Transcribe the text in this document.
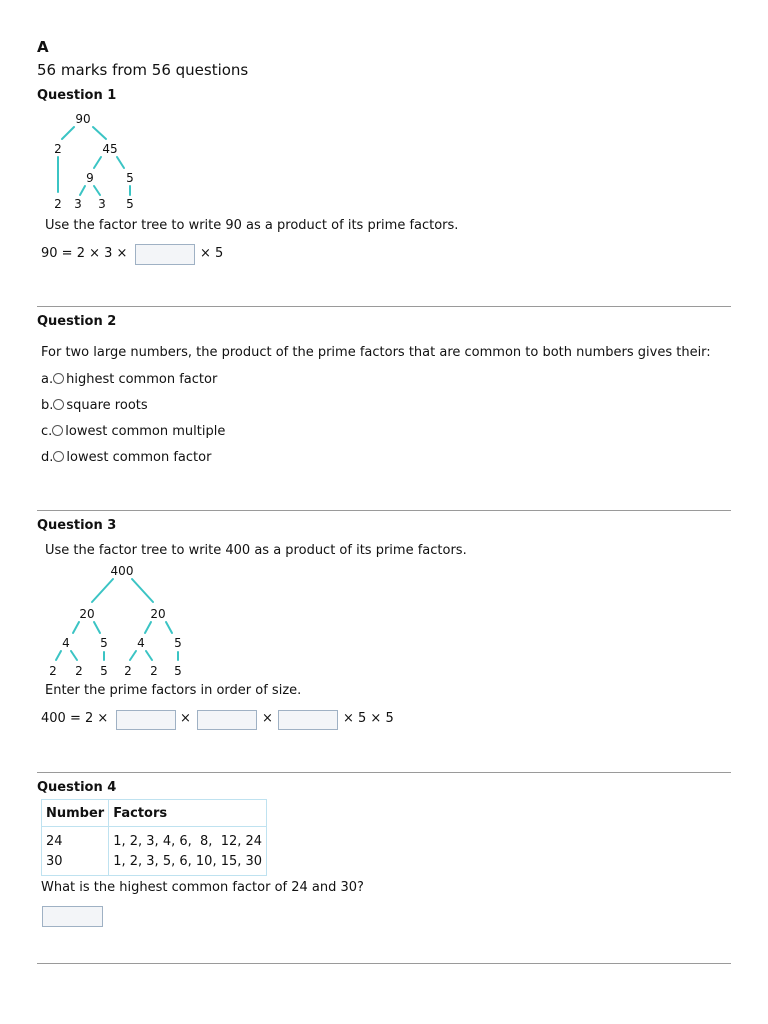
A
56 marks from 56 questions
Question 1
90
2	45
9	5
2 3 3 5
Use the factor tree to write 90 as a product of its prime factors.
90 = 2 × 3 ×	× 5
Question 2
For two large numbers, the product of the prime factors that are common to both numbers gives their:
a. highest common factor
b. square roots
c. lowest common multiple
d. lowest common factor
Question 3
Use the factor tree to write 400 as a product of its prime factors.
400
20	20
4	5 4 5
2 2 5 2 2 5
Enter the prime factors in order of size.
400 = 2 ×	×	×	× 5 × 5
Question 4
Number	Factors
24	1, 2, 3, 4, 6,  8,  12, 24
30	1, 2, 3, 5, 6, 10, 15, 30
What is the highest common factor of 24 and 30?
